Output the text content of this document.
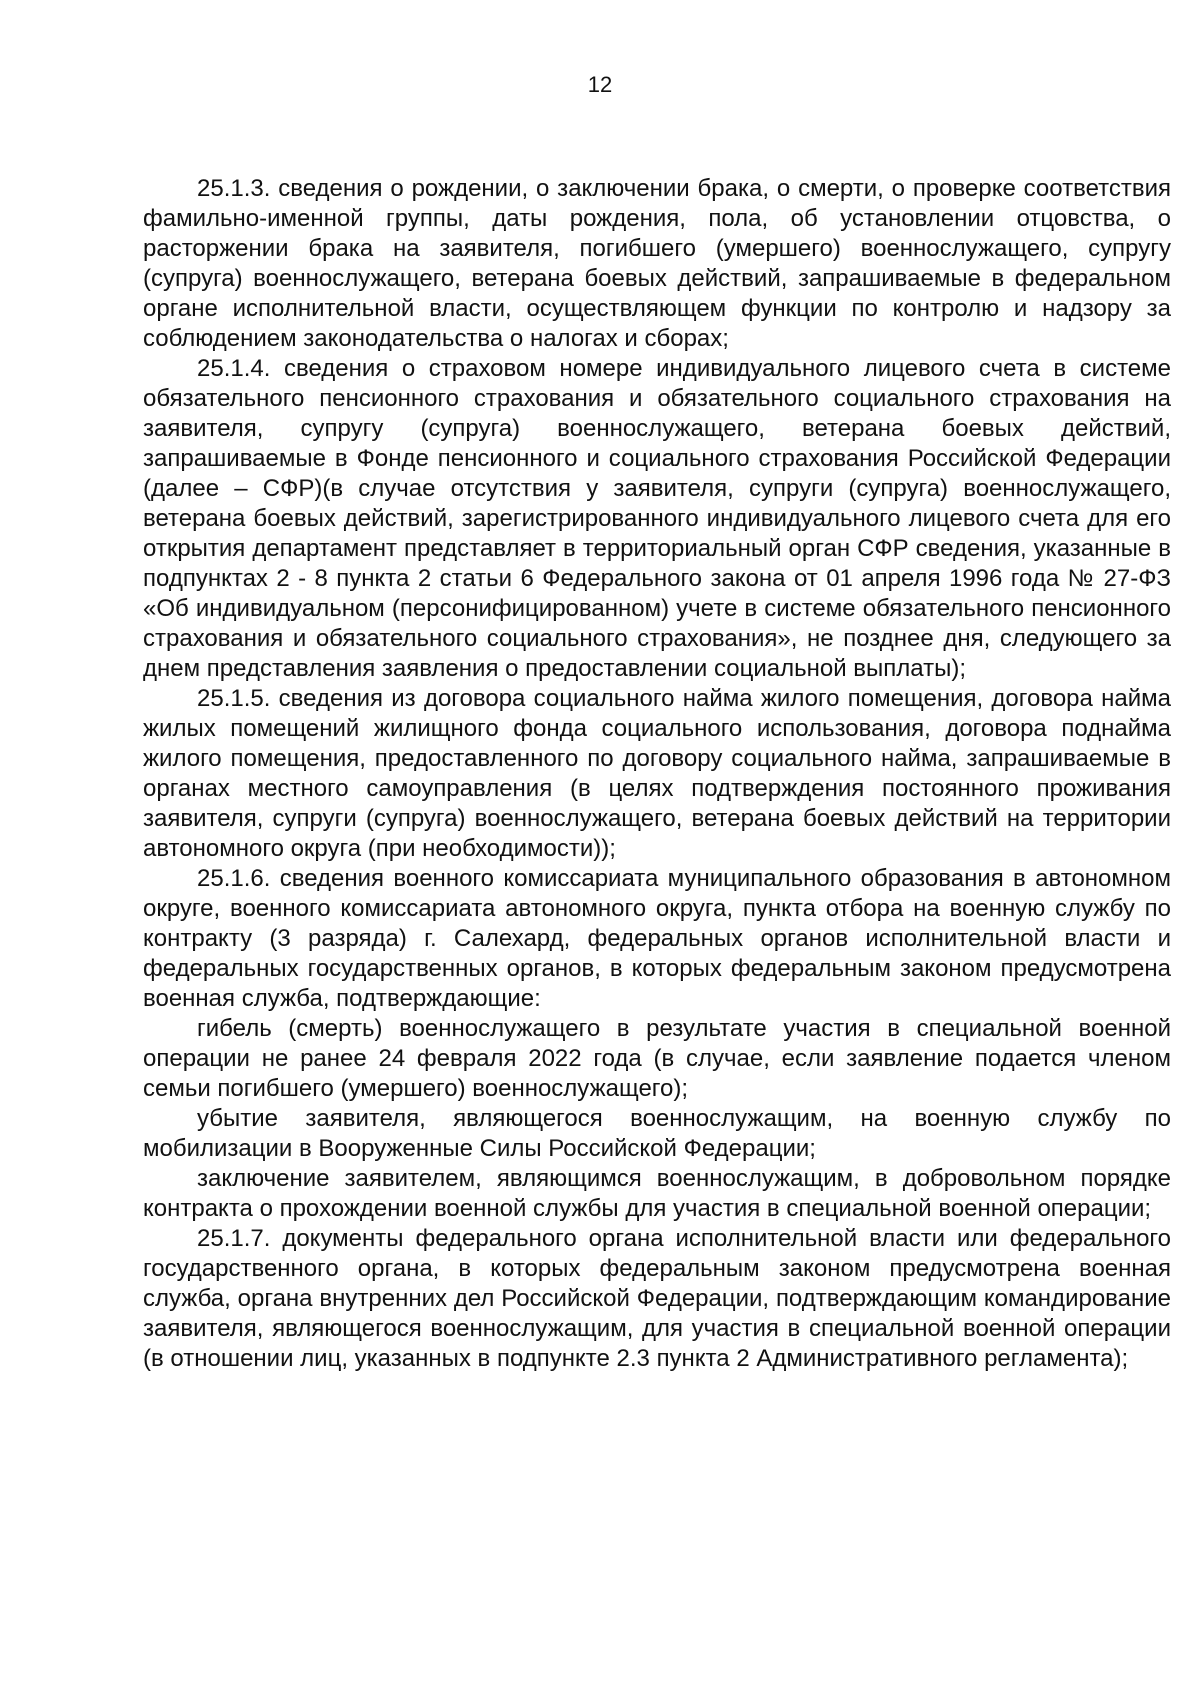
12

25.1.3. сведения о рождении, о заключении брака, о смерти, о проверке соответствия фамильно-именной группы, даты рождения, пола, об установлении отцовства, о расторжении брака на заявителя, погибшего (умершего) военнослужащего, супругу (супруга) военнослужащего, ветерана боевых действий, запрашиваемые в федеральном органе исполнительной власти, осуществляющем функции по контролю и надзору за соблюдением законодательства о налогах и сборах;

25.1.4. сведения о страховом номере индивидуального лицевого счета в системе обязательного пенсионного страхования и обязательного социального страхования на заявителя, супругу (супруга) военнослужащего, ветерана боевых действий, запрашиваемые в Фонде пенсионного и социального страхования Российской Федерации (далее – СФР)(в случае отсутствия у заявителя, супруги (супруга) военнослужащего, ветерана боевых действий, зарегистрированного индивидуального лицевого счета для его открытия департамент представляет в территориальный орган СФР сведения, указанные в подпунктах 2 - 8 пункта 2 статьи 6 Федерального закона от 01 апреля 1996 года № 27-ФЗ «Об индивидуальном (персонифицированном) учете в системе обязательного пенсионного страхования и обязательного социального страхования», не позднее дня, следующего за днем представления заявления о предоставлении социальной выплаты);

25.1.5. сведения из договора социального найма жилого помещения, договора найма жилых помещений жилищного фонда социального использования, договора поднайма жилого помещения, предоставленного по договору социального найма, запрашиваемые в органах местного самоуправления (в целях подтверждения постоянного проживания заявителя, супруги (супруга) военнослужащего, ветерана боевых действий на территории автономного округа (при необходимости));

25.1.6. сведения военного комиссариата муниципального образования в автономном округе, военного комиссариата автономного округа, пункта отбора на военную службу по контракту (3 разряда) г. Салехард, федеральных органов исполнительной власти и федеральных государственных органов, в которых федеральным законом предусмотрена военная служба, подтверждающие:

гибель (смерть) военнослужащего в результате участия в специальной военной операции не ранее 24 февраля 2022 года (в случае, если заявление подается членом семьи погибшего (умершего) военнослужащего);

убытие заявителя, являющегося военнослужащим, на военную службу по мобилизации в Вооруженные Силы Российской Федерации;

заключение заявителем, являющимся военнослужащим, в добровольном порядке контракта о прохождении военной службы для участия в специальной военной операции;

25.1.7. документы федерального органа исполнительной власти или федерального государственного органа, в которых федеральным законом предусмотрена военная служба, органа внутренних дел Российской Федерации, подтверждающим командирование заявителя, являющегося военнослужащим, для участия в специальной военной операции (в отношении лиц, указанных в подпункте 2.3 пункта 2 Административного регламента);
